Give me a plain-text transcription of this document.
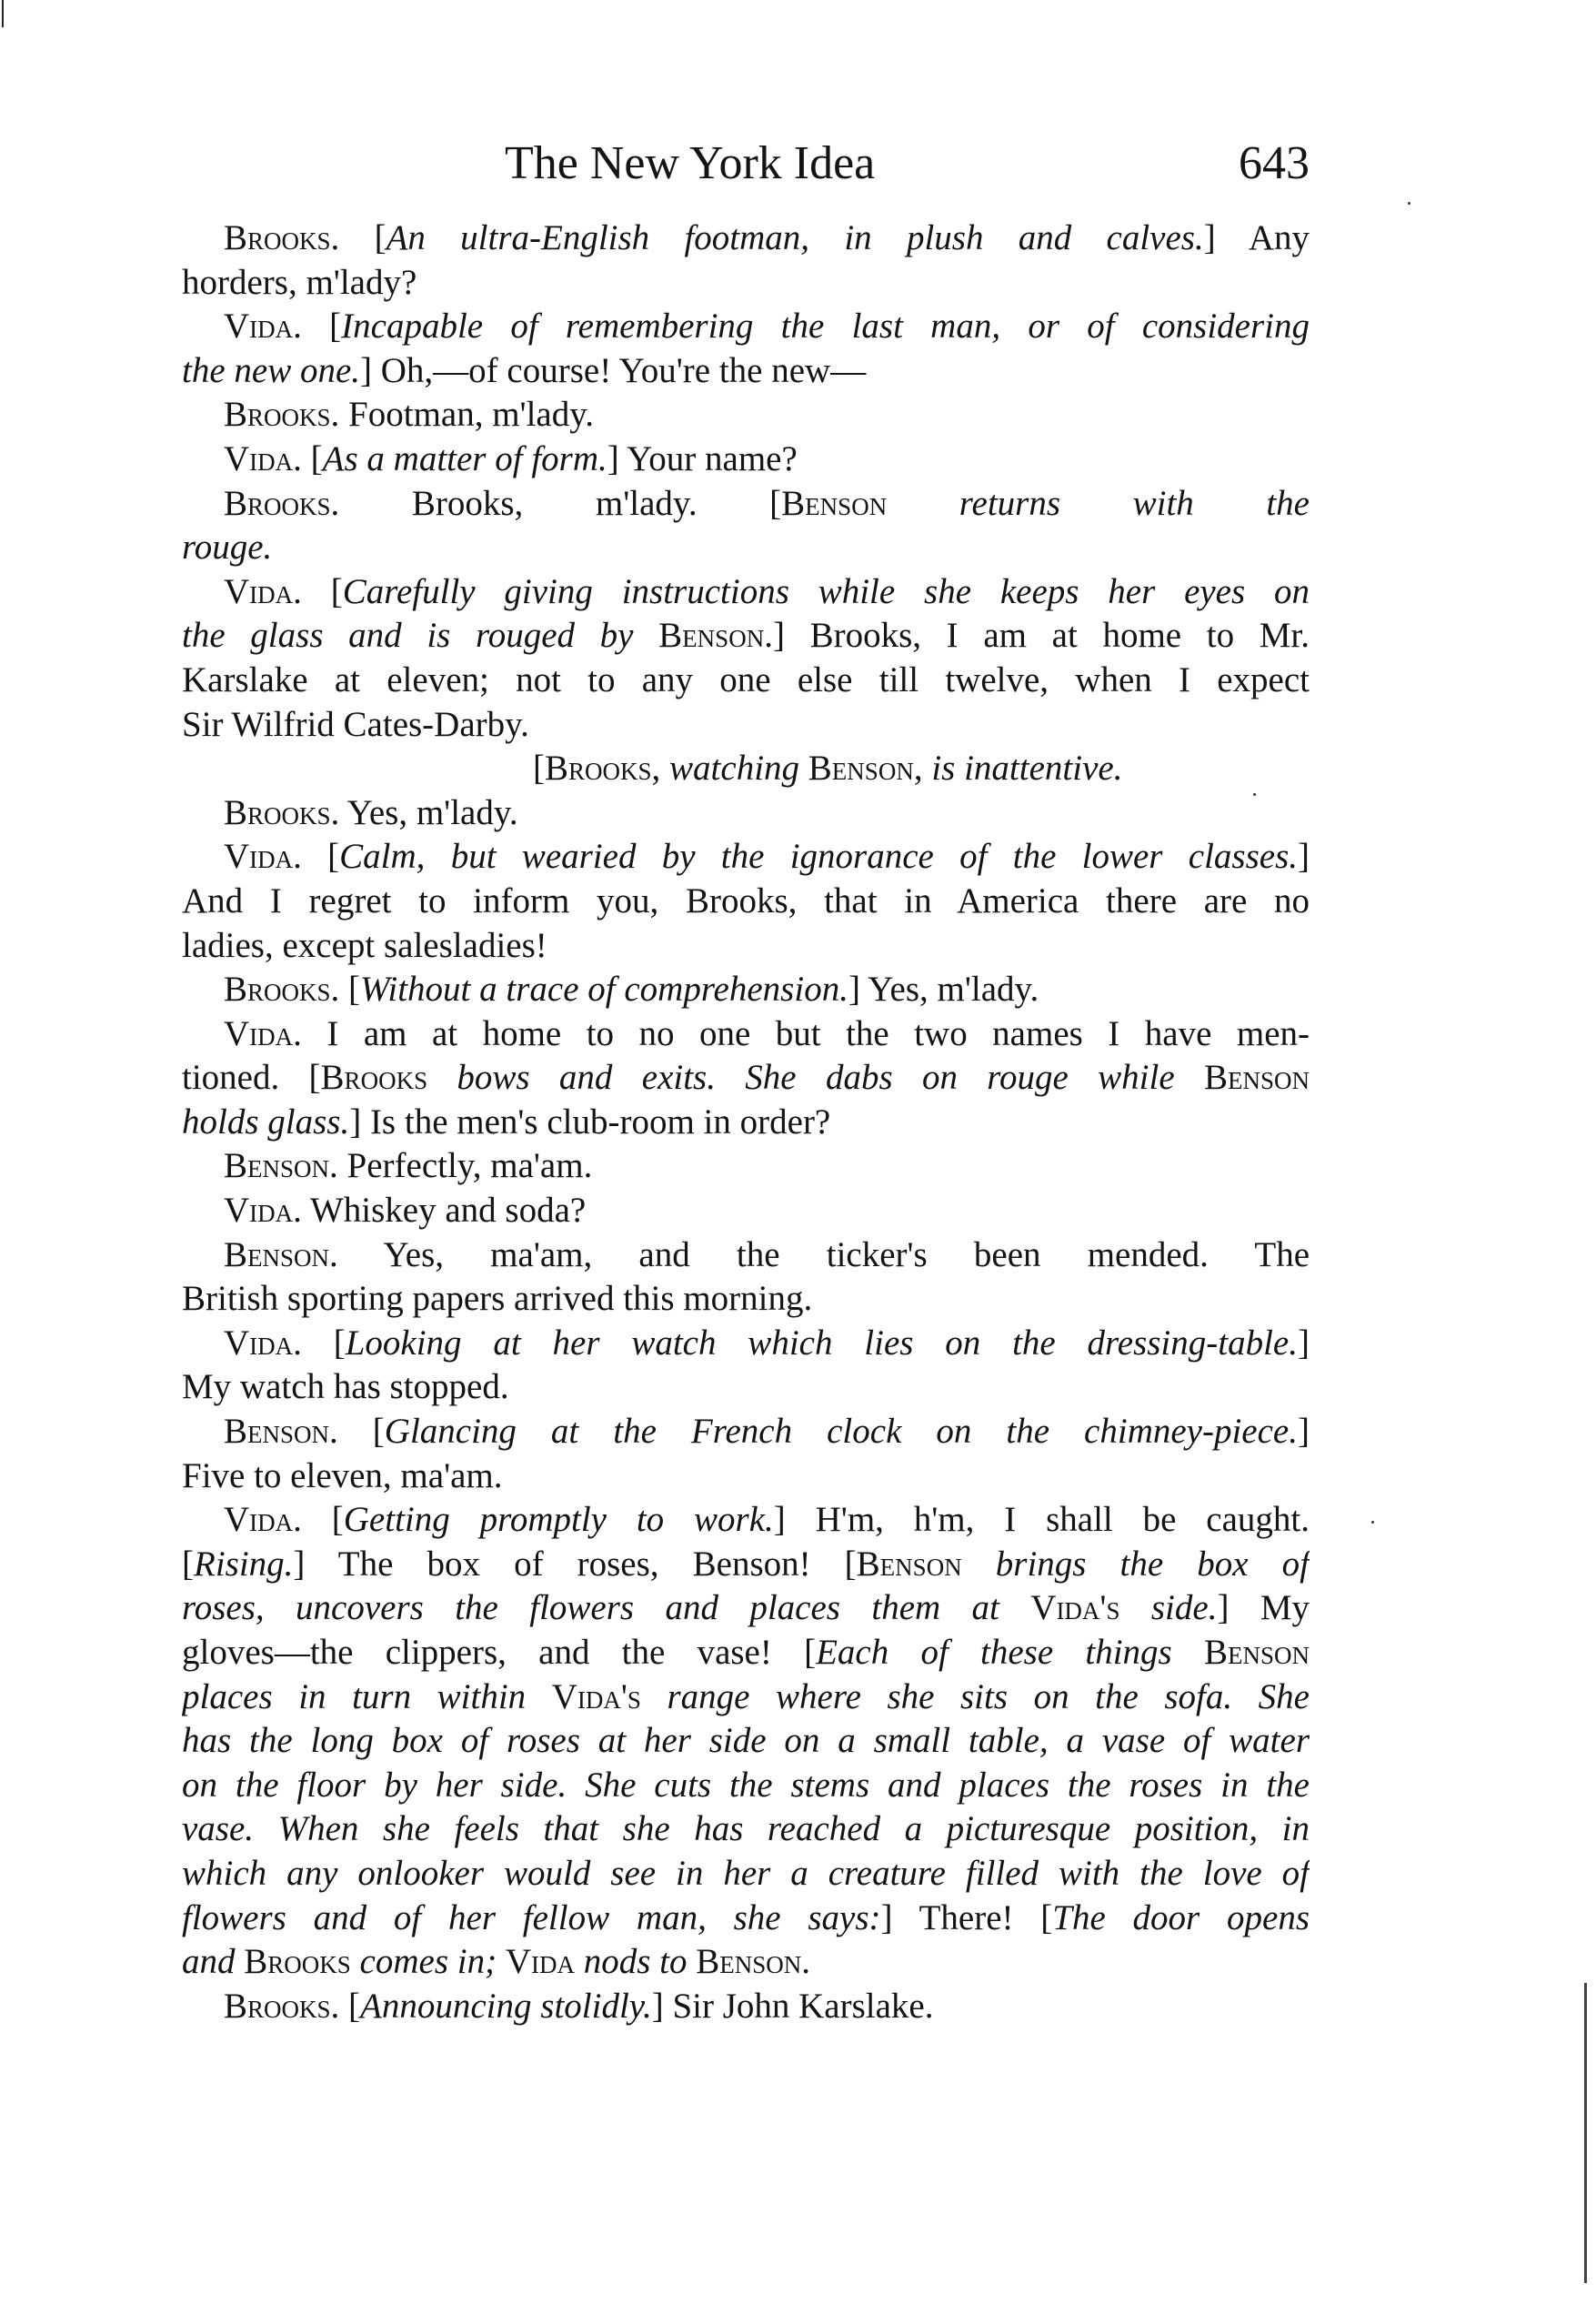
The New York Idea	643
Brooks. [An ultra-English footman, in plush and calves.] Any
horders, m'lady?
Vida. [Incapable of remembering the last man, or of considering
the new one.] Oh,—of course! You're the new—
Brooks. Footman, m'lady.
Vida. [As a matter of form.] Your name?
Brooks. Brooks, m'lady. [Benson returns with the
rouge.
Vida. [Carefully giving instructions while she keeps her eyes on
the glass and is rouged by Benson.] Brooks, I am at home to Mr.
Karslake at eleven; not to any one else till twelve, when I expect
Sir Wilfrid Cates-Darby.
[Brooks, watching Benson, is inattentive.
Brooks. Yes, m'lady.
Vida. [Calm, but wearied by the ignorance of the lower classes.]
And I regret to inform you, Brooks, that in America there are no
ladies, except salesladies!
Brooks. [Without a trace of comprehension.] Yes, m'lady.
Vida. I am at home to no one but the two names I have men-
tioned. [Brooks bows and exits. She dabs on rouge while Benson
holds glass.] Is the men's club-room in order?
Benson. Perfectly, ma'am.
Vida. Whiskey and soda?
Benson. Yes, ma'am, and the ticker's been mended. The
British sporting papers arrived this morning.
Vida. [Looking at her watch which lies on the dressing-table.]
My watch has stopped.
Benson. [Glancing at the French clock on the chimney-piece.]
Five to eleven, ma'am.
Vida. [Getting promptly to work.] H'm, h'm, I shall be caught.
[Rising.] The box of roses, Benson! [Benson brings the box of
roses, uncovers the flowers and places them at Vida's side.] My
gloves—the clippers, and the vase! [Each of these things Benson
places in turn within Vida's range where she sits on the sofa. She
has the long box of roses at her side on a small table, a vase of water
on the floor by her side. She cuts the stems and places the roses in the
vase. When she feels that she has reached a picturesque position, in
which any onlooker would see in her a creature filled with the love of
flowers and of her fellow man, she says:] There! [The door opens
and Brooks comes in; Vida nods to Benson.
Brooks. [Announcing stolidly.] Sir John Karslake.
